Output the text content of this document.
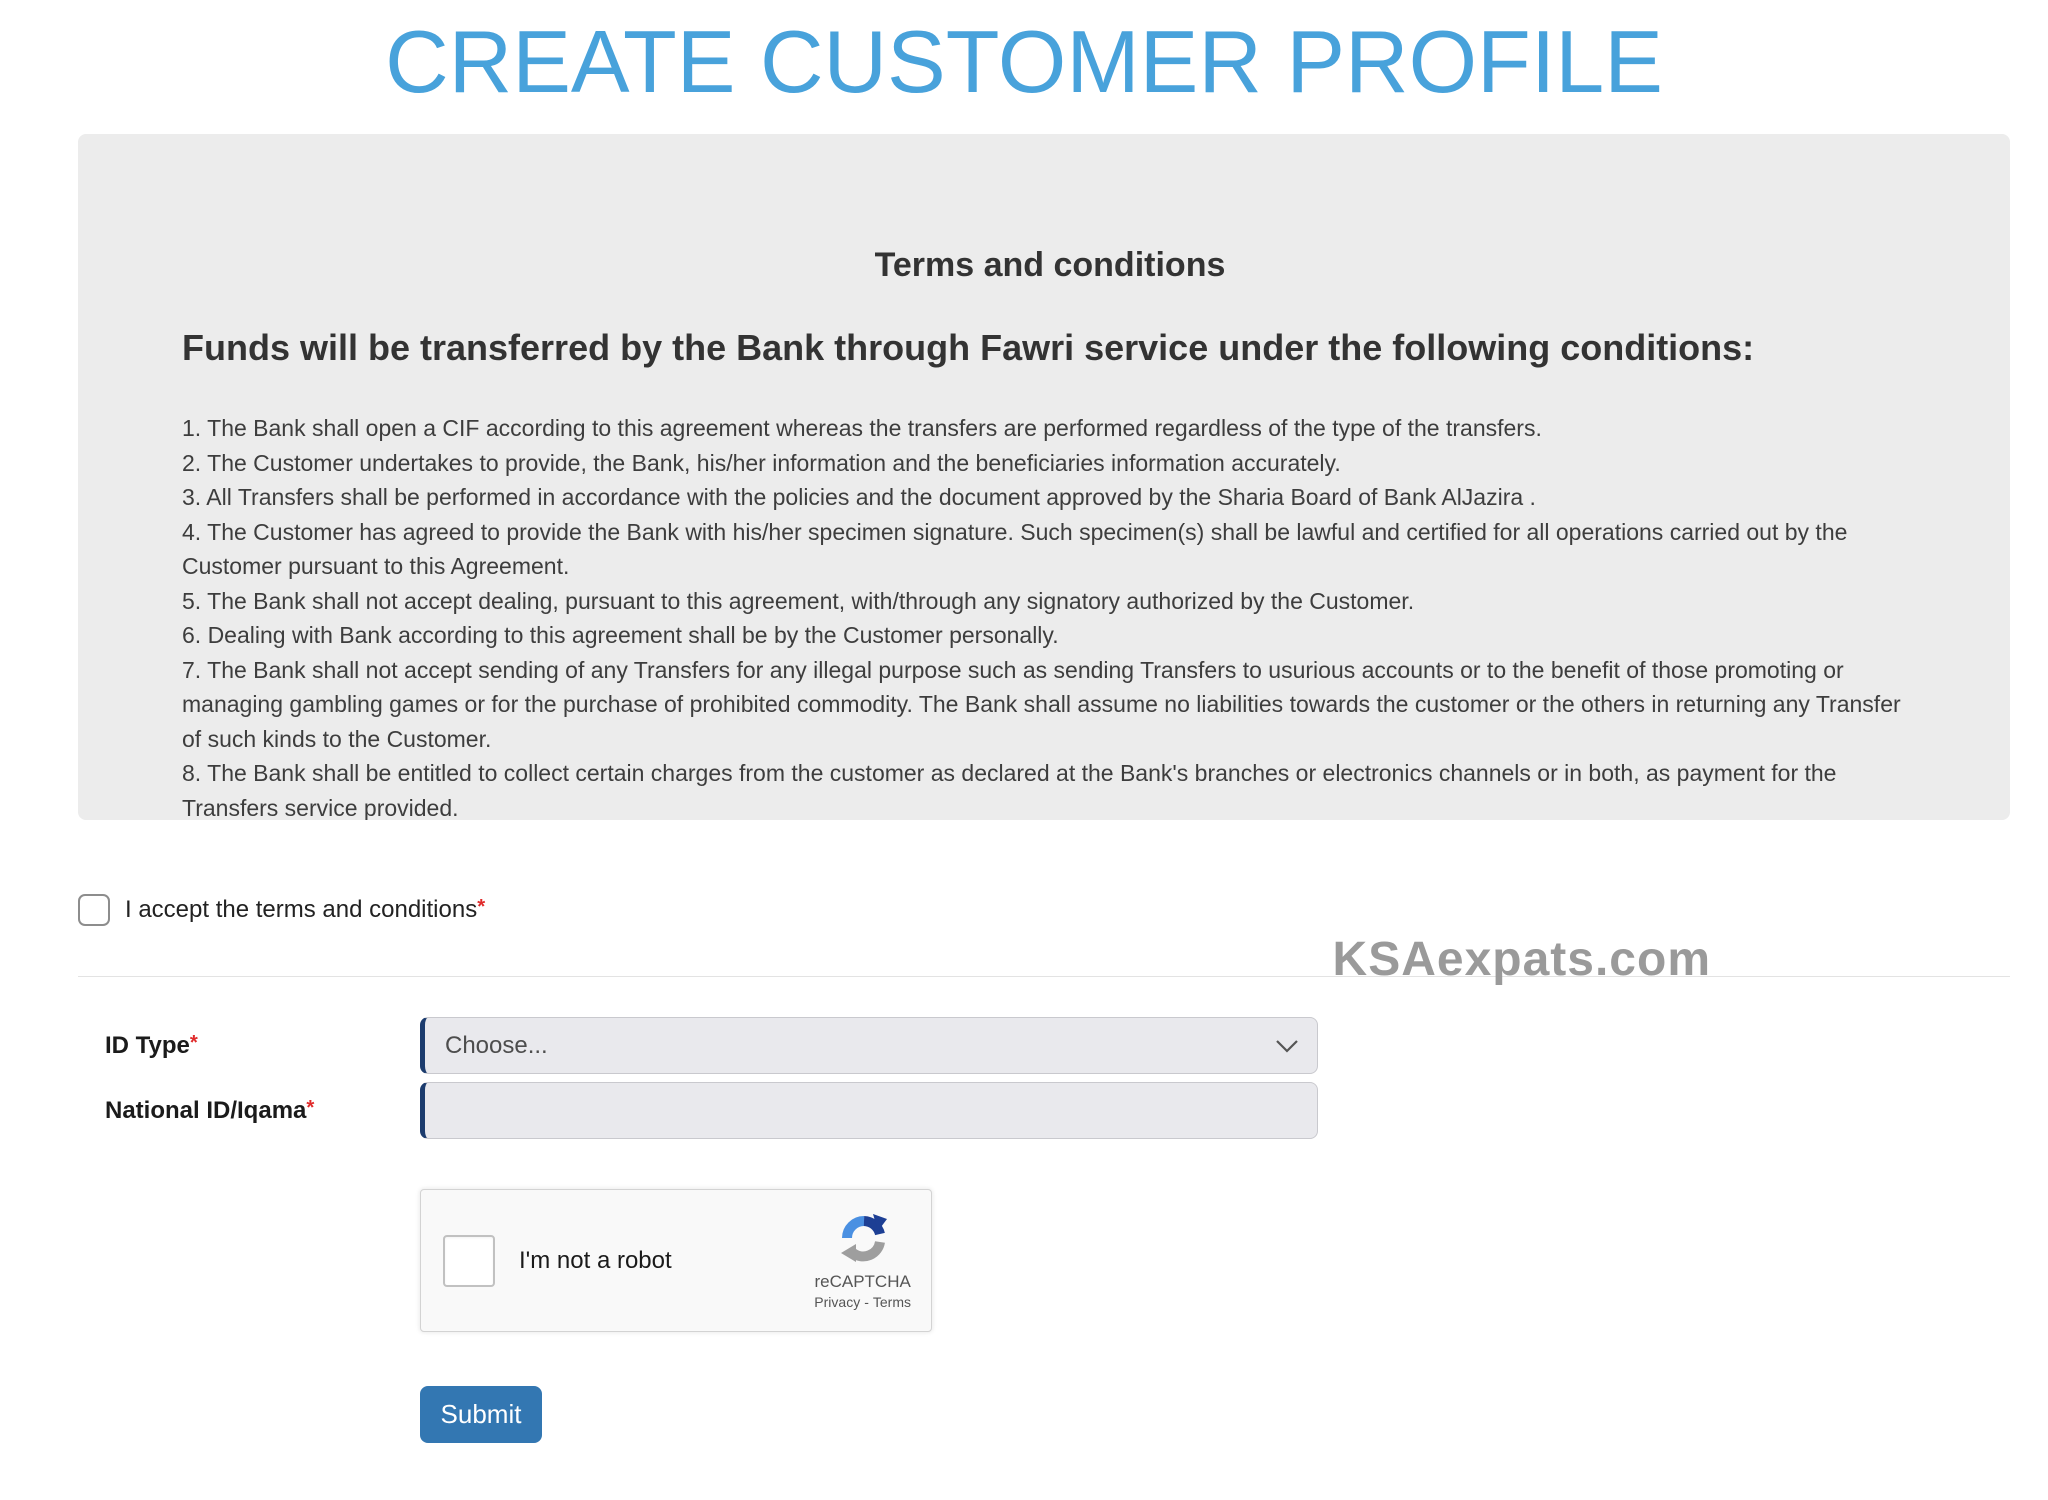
CREATE CUSTOMER PROFILE
Terms and conditions
Funds will be transferred by the Bank through Fawri service under the following conditions:

1. The Bank shall open a CIF according to this agreement whereas the transfers are performed regardless of the type of the transfers.

2. The Customer undertakes to provide, the Bank, his/her information and the beneficiaries information accurately.

3. All Transfers shall be performed in accordance with the policies and the document approved by the Sharia Board of Bank AlJazira .

4. The Customer has agreed to provide the Bank with his/her specimen signature. Such specimen(s) shall be lawful and certified for all operations carried out by the Customer pursuant to this Agreement.

5. The Bank shall not accept dealing, pursuant to this agreement, with/through any signatory authorized by the Customer.

6. Dealing with Bank according to this agreement shall be by the Customer personally.

7. The Bank shall not accept sending of any Transfers for any illegal purpose such as sending Transfers to usurious accounts or to the benefit of those promoting or managing gambling games or for the purchase of prohibited commodity. The Bank shall assume no liabilities towards the customer or the others in returning any Transfer of such kinds to the Customer.

8. The Bank shall be entitled to collect certain charges from the customer as declared at the Bank's branches or electronics channels or in both, as payment for the Transfers service provided.

I accept the terms and conditions*
KSAexpats.com
ID Type*	Choose...
National ID/Iqama*
I'm not a robot
reCAPTCHA
Privacy - Terms
Submit
